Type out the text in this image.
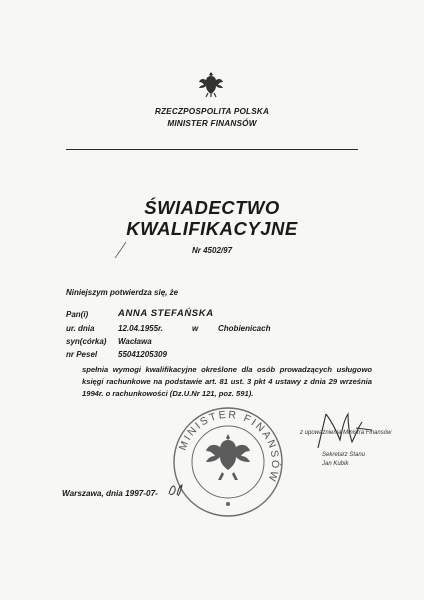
RZECZPOSPOLITA POLSKA
MINISTER FINANSÓW
ŚWIADECTWO
KWALIFIKACYJNE
Nr 4502/97
Niniejszym potwierdza się, że
Pan(i)	ANNA STEFAŃSKA
ur. dnia	12.04.1955r.	w Chobienicach
syn(córka) Wacława
nr Pesel	55041205309
spełnia wymogi kwalifikacyjne określone dla osób prowadzących usługowo księgi rachunkowe na podstawie art. 81 ust. 3 pkt 4 ustawy z dnia 29 września 1994r. o rachunkowości (Dz.U.Nr 121, poz. 591).
MINISTER FINANSÓW
z upoważnienia Ministra Finansów
Sekretarz Stanu
Jan Kubik
Warszawa, dnia 1997-07-
